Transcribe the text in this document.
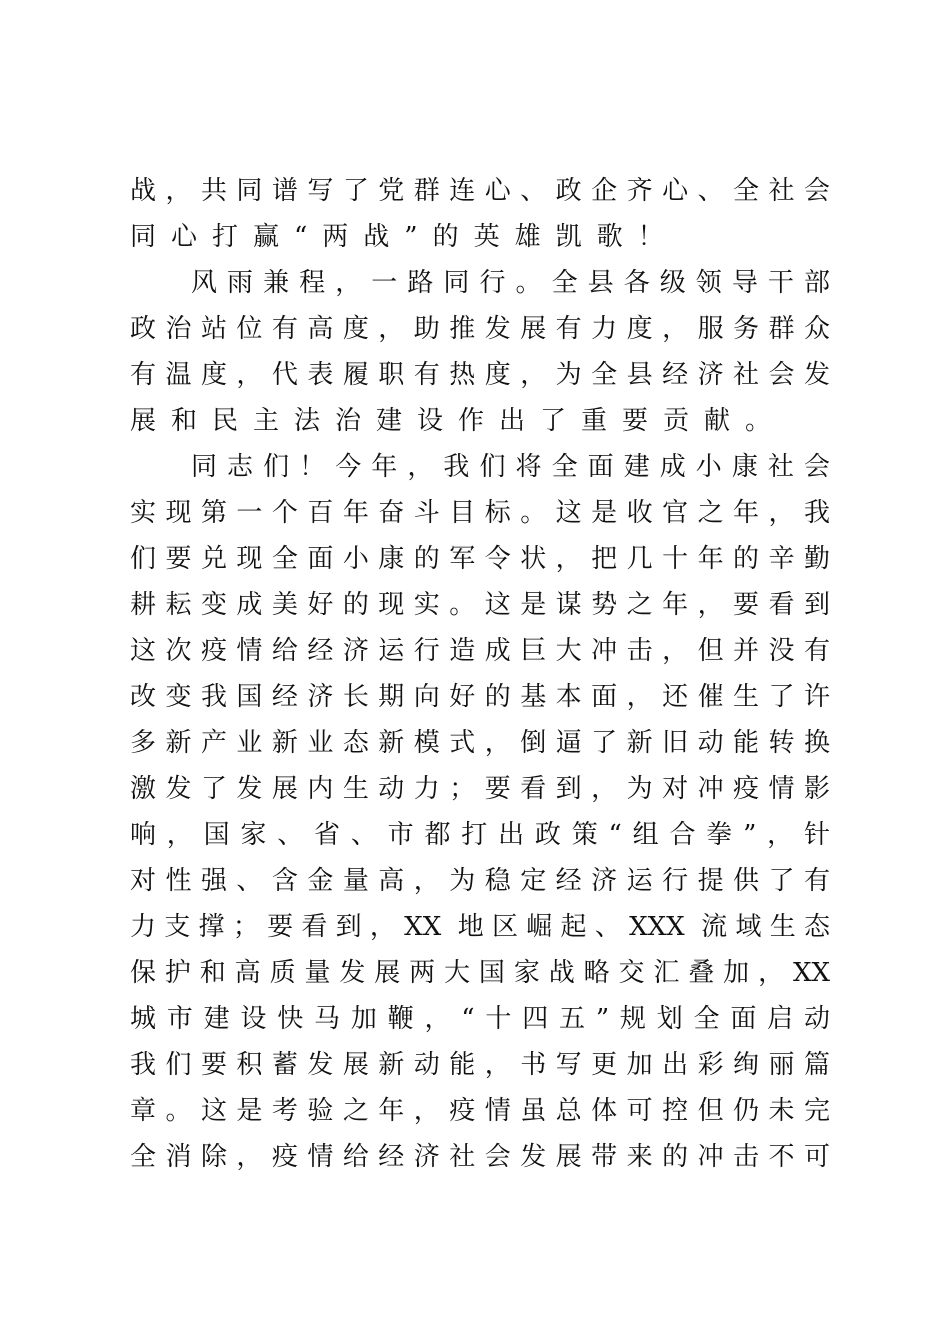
战，共同谱写了党群连心、政企齐心、全社会
同心打赢“两战”的英雄凯歌！
风雨兼程，一路同行。全县各级领导干部
政治站位有高度，助推发展有力度，服务群众
有温度，代表履职有热度，为全县经济社会发
展和民主法治建设作出了重要贡献。
同志们！今年，我们将全面建成小康社会
实现第一个百年奋斗目标。这是收官之年，我
们要兑现全面小康的军令状，把几十年的辛勤
耕耘变成美好的现实。这是谋势之年，要看到
这次疫情给经济运行造成巨大冲击，但并没有
改变我国经济长期向好的基本面，还催生了许
多新产业新业态新模式，倒逼了新旧动能转换
激发了发展内生动力；要看到，为对冲疫情影
响，国家、省、市都打出政策“组合拳”，针
对性强、含金量高，为稳定经济运行提供了有
力支撑；要看到，XX 地区崛起、XXX 流域生态
保护和高质量发展两大国家战略交汇叠加，XX
城市建设快马加鞭，“十四五”规划全面启动
我们要积蓄发展新动能，书写更加出彩绚丽篇
章。这是考验之年，疫情虽总体可控但仍未完
全消除，疫情给经济社会发展带来的冲击不可
